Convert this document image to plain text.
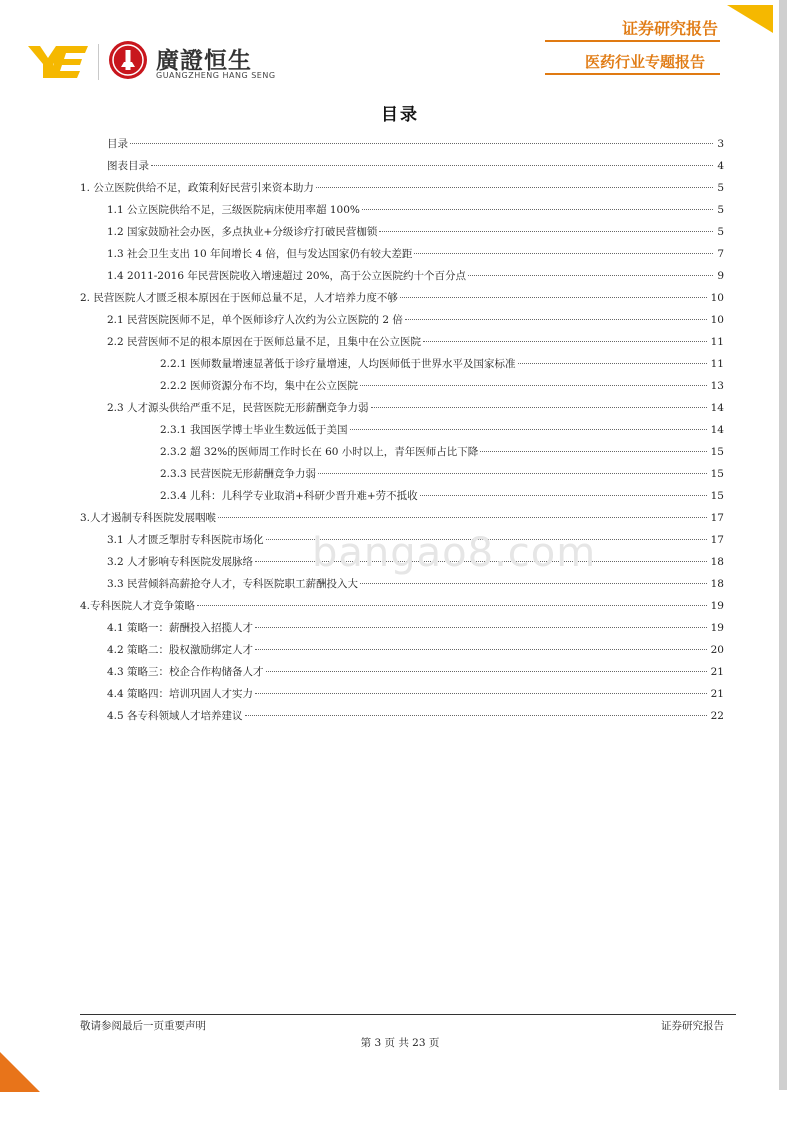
廣證恒生
GUANGZHENG HANG SENG
证券研究报告
医药行业专题报告
目录
目录	3
图表目录	4
1. 公立医院供给不足，政策利好民营引来资本助力	5
1.1 公立医院供给不足，三级医院病床使用率超 100%	5
1.2 国家鼓励社会办医，多点执业+分级诊疗打破民营枷锁	5
1.3 社会卫生支出 10 年间增长 4 倍，但与发达国家仍有较大差距	7
1.4 2011-2016 年民营医院收入增速超过 20%，高于公立医院约十个百分点	9
2. 民营医院人才匮乏根本原因在于医师总量不足，人才培养力度不够	10
2.1 民营医院医师不足，单个医师诊疗人次约为公立医院的 2 倍	10
2.2 民营医师不足的根本原因在于医师总量不足，且集中在公立医院	11
2.2.1 医师数量增速显著低于诊疗量增速，人均医师低于世界水平及国家标准	11
2.2.2 医师资源分布不均，集中在公立医院	13
2.3 人才源头供给严重不足，民营医院无形薪酬竞争力弱	14
2.3.1 我国医学博士毕业生数远低于美国	14
2.3.2 超 32%的医师周工作时长在 60 小时以上，青年医师占比下降	15
2.3.3 民营医院无形薪酬竞争力弱	15
2.3.4 儿科：儿科学专业取消+科研少晋升难+劳不抵收	15
3.人才遏制专科医院发展咽喉	17
3.1 人才匮乏掣肘专科医院市场化	17
3.2 人才影响专科医院发展脉络	18
3.3 民营倾斜高薪抢夺人才，专科医院职工薪酬投入大	18
4.专科医院人才竞争策略	19
4.1 策略一：薪酬投入招揽人才	19
4.2 策略二：股权激励绑定人才	20
4.3 策略三：校企合作构储备人才	21
4.4 策略四：培训巩固人才实力	21
4.5 各专科领域人才培养建议	22
bangao8.com
敬请参阅最后一页重要声明	证券研究报告
第 3 页 共 23 页
